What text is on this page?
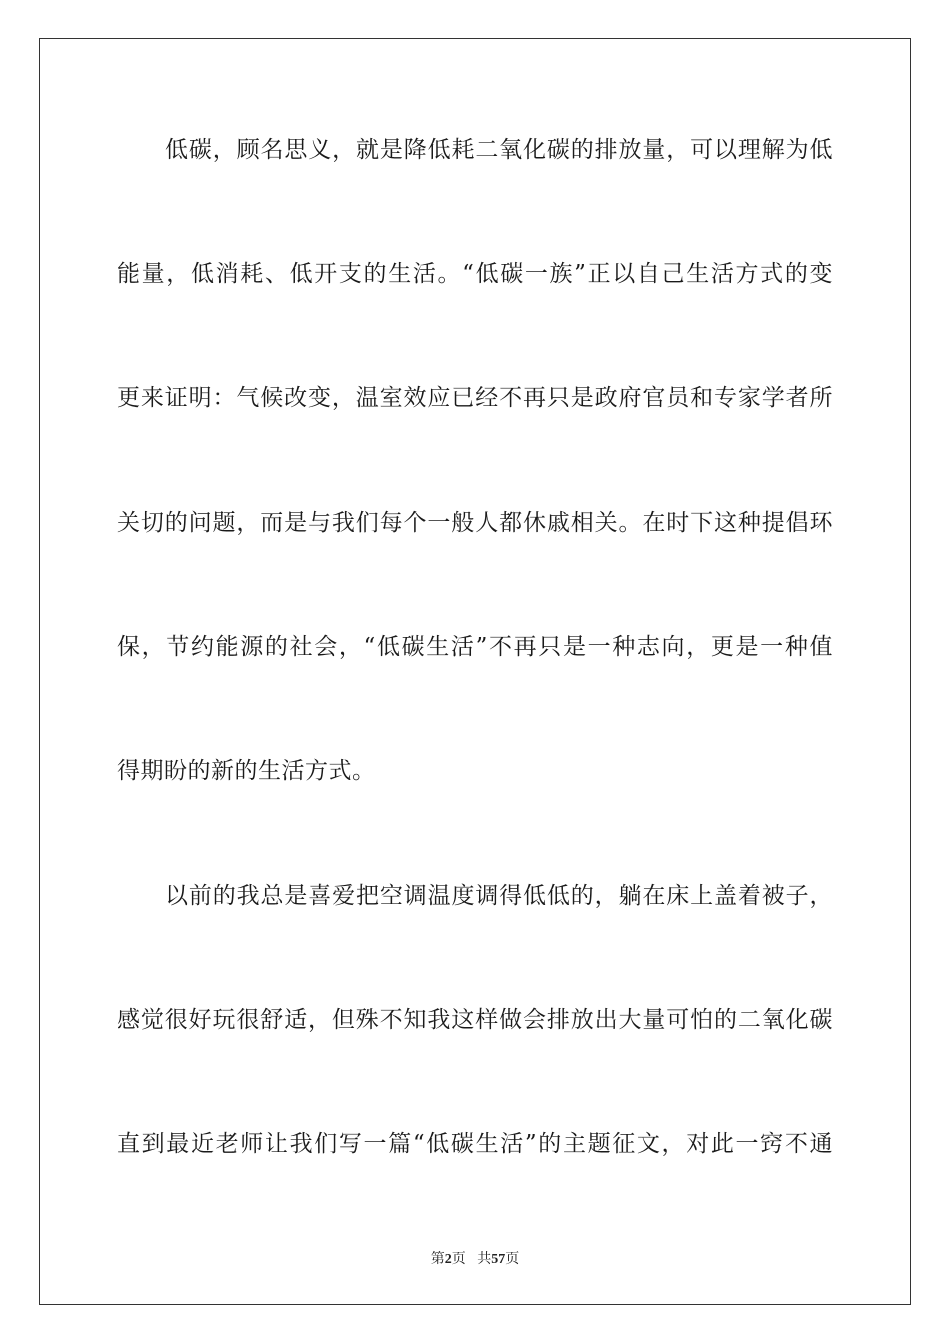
低碳，顾名思义，就是降低耗二氧化碳的排放量，可以理解为低
能量，低消耗、低开支的生活。“低碳一族”正以自己生活方式的变
更来证明：气候改变，温室效应已经不再只是政府官员和专家学者所
关切的问题，而是与我们每个一般人都休戚相关。在时下这种提倡环
保，节约能源的社会，“低碳生活”不再只是一种志向，更是一种值
得期盼的新的生活方式。
以前的我总是喜爱把空调温度调得低低的，躺在床上盖着被子，
感觉很好玩很舒适，但殊不知我这样做会排放出大量可怕的二氧化碳
直到最近老师让我们写一篇“低碳生活”的主题征文，对此一窍不通
第2页 共57页
